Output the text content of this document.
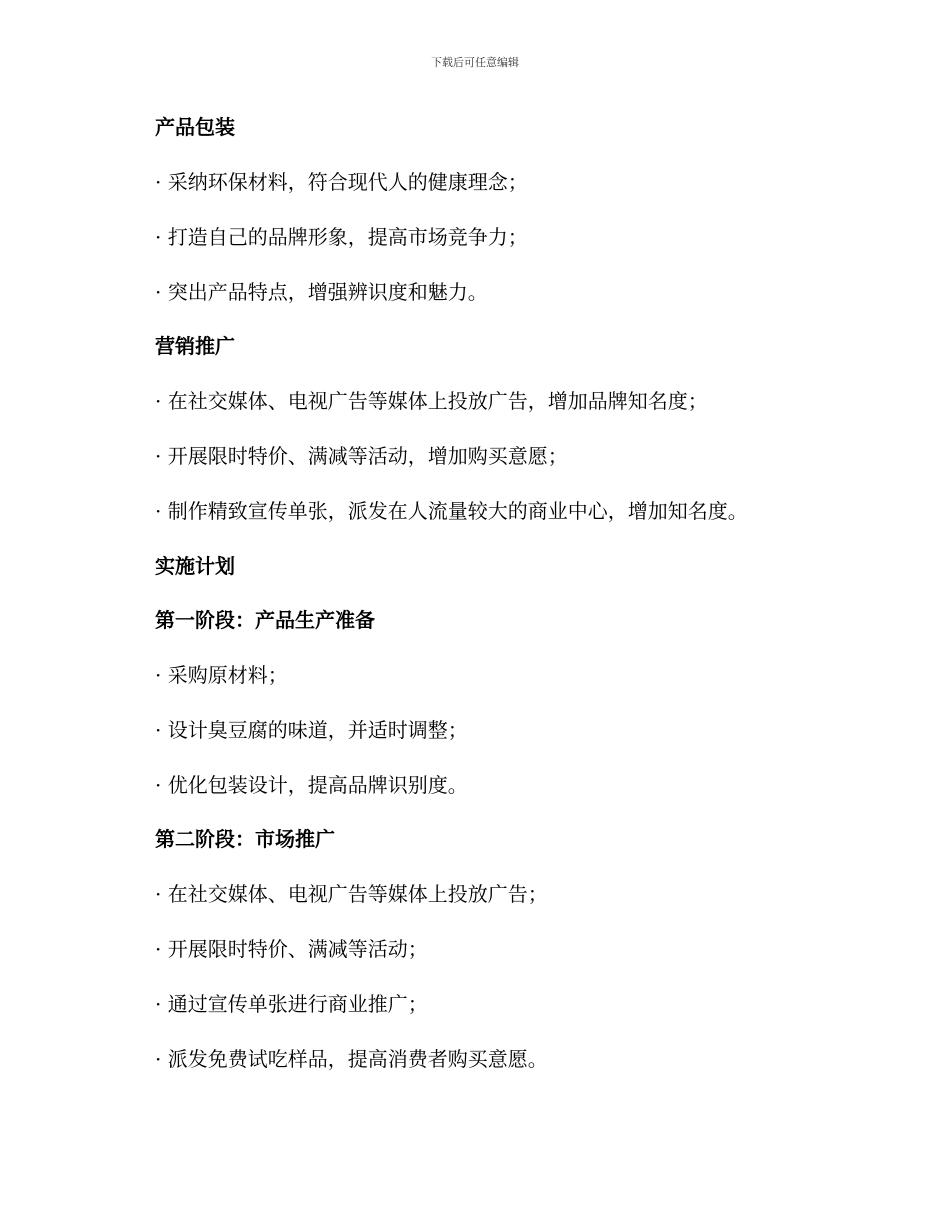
下载后可任意编辑
产品包装
· 采纳环保材料，符合现代人的健康理念；
· 打造自己的品牌形象，提高市场竞争力；
· 突出产品特点，增强辨识度和魅力。
营销推广
· 在社交媒体、电视广告等媒体上投放广告，增加品牌知名度；
· 开展限时特价、满减等活动，增加购买意愿；
· 制作精致宣传单张，派发在人流量较大的商业中心，增加知名度。
实施计划
第一阶段：产品生产准备
· 采购原材料；
· 设计臭豆腐的味道，并适时调整；
· 优化包装设计，提高品牌识别度。
第二阶段：市场推广
· 在社交媒体、电视广告等媒体上投放广告；
· 开展限时特价、满减等活动；
· 通过宣传单张进行商业推广；
· 派发免费试吃样品，提高消费者购买意愿。
